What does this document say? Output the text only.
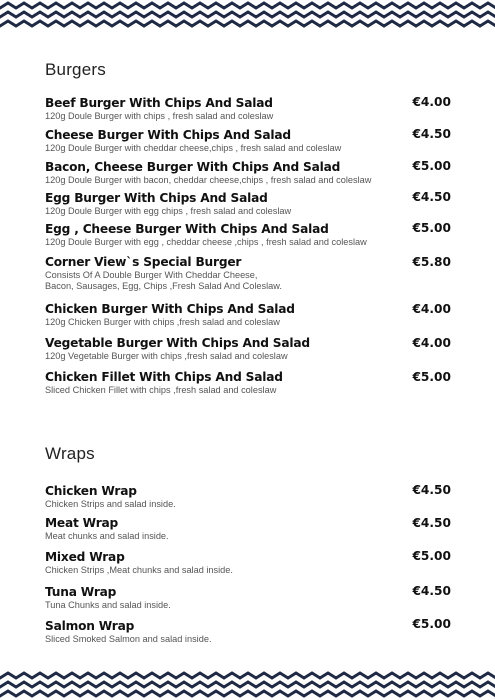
Burgers
Beef Burger With Chips And Salad
120g Doule Burger with chips , fresh salad and coleslaw
€4.00
Cheese Burger With Chips And Salad
120g Doule Burger with cheddar cheese,chips , fresh salad and coleslaw
€4.50
Bacon, Cheese Burger With Chips And Salad
120g Doule Burger with bacon, cheddar cheese,chips , fresh salad and coleslaw
€5.00
Egg Burger With Chips And Salad
120g Doule Burger with egg chips , fresh salad and coleslaw
€4.50
Egg , Cheese Burger With Chips And Salad
120g Doule Burger with egg , cheddar cheese ,chips , fresh salad and coleslaw
€5.00
Corner View`s Special Burger
Consists Of A Double Burger With Cheddar Cheese,
Bacon, Sausages, Egg, Chips ,Fresh Salad And Coleslaw.
€5.80
Chicken Burger With Chips And Salad
120g Chicken Burger with chips ,fresh salad and coleslaw
€4.00
Vegetable Burger With Chips And Salad
120g Vegetable Burger with chips ,fresh salad and coleslaw
€4.00
Chicken Fillet With Chips And Salad
Sliced Chicken Fillet with chips ,fresh salad and coleslaw
€5.00
Wraps
Chicken Wrap
Chicken Strips and salad inside.
€4.50
Meat Wrap
Meat chunks and salad inside.
€4.50
Mixed Wrap
Chicken Strips ,Meat chunks and salad inside.
€5.00
Tuna Wrap
Tuna Chunks and salad inside.
€4.50
Salmon Wrap
Sliced Smoked Salmon and salad inside.
€5.00
